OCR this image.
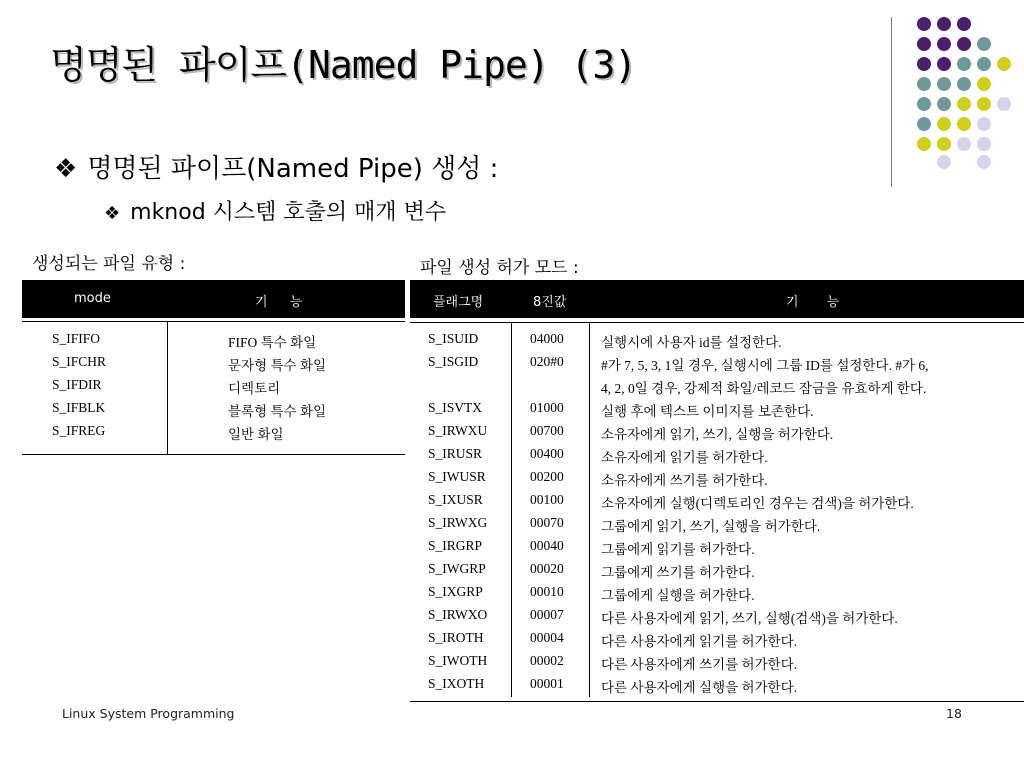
명명된 파이프(Named Pipe) (3)
❖ 명명된 파이프(Named Pipe) 생성 :
❖ mknod 시스템 호출의 매개 변수
생성되는 파일 유형 :	파일 생성 허가 모드 :
mode	기 능
S_IFIFO	FIFO 특수 화일
S_IFCHR	문자형 특수 화일
S_IFDIR	디렉토리
S_IFBLK	블록형 특수 화일
S_IFREG	일반 화일
플래그명	8진값	기 능
S_ISUID	04000	실행시에 사용자 id를 설정한다.
S_ISGID	020#0	#가 7, 5, 3, 1일 경우, 실행시에 그룹 ID를 설정한다. #가 6,
4, 2, 0일 경우, 강제적 화일/레코드 잠금을 유효하게 한다.
S_ISVTX	01000	실행 후에 텍스트 이미지를 보존한다.
S_IRWXU	00700	소유자에게 읽기, 쓰기, 실행을 허가한다.
S_IRUSR	00400	소유자에게 읽기를 허가한다.
S_IWUSR	00200	소유자에게 쓰기를 허가한다.
S_IXUSR	00100	소유자에게 실행(디렉토리인 경우는 검색)을 허가한다.
S_IRWXG	00070	그룹에게 읽기, 쓰기, 실행을 허가한다.
S_IRGRP	00040	그룹에게 읽기를 허가한다.
S_IWGRP	00020	그룹에게 쓰기를 허가한다.
S_IXGRP	00010	그룹에게 실행을 허가한다.
S_IRWXO	00007	다른 사용자에게 읽기, 쓰기, 실행(검색)을 허가한다.
S_IROTH	00004	다른 사용자에게 읽기를 허가한다.
S_IWOTH	00002	다른 사용자에게 쓰기를 허가한다.
S_IXOTH	00001	다른 사용자에게 실행을 허가한다.
Linux System Programming	18
